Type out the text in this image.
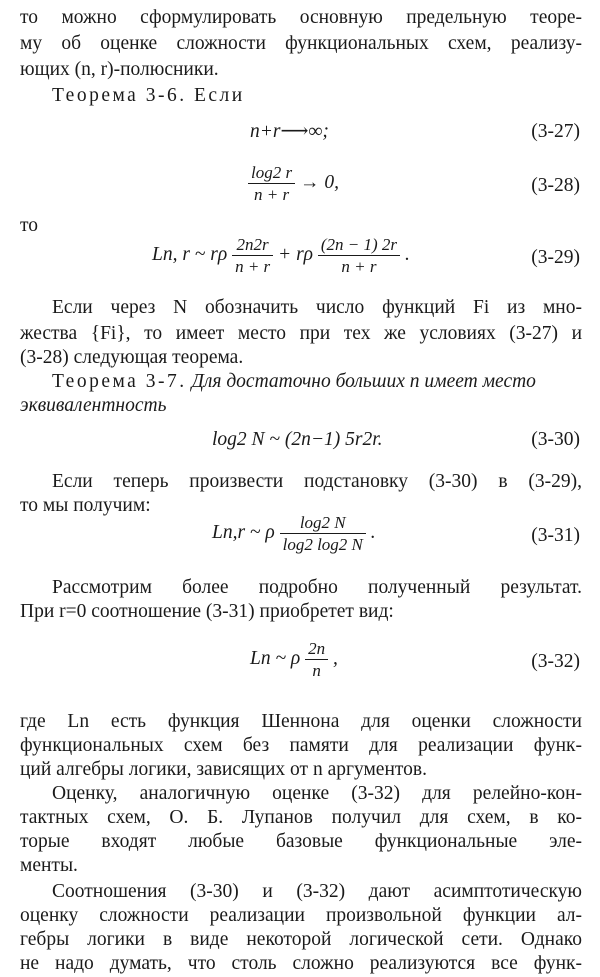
то можно сформулировать основную предельную теоре-
му об оценке сложности функциональных схем, реализу-
ющих (n, r)-полюсники.
Теорема 3-6. Если
n+r⟶∞;	(3-27)
$\frac{\log 2 r}{n + r} \to 0$,	(3-28)
то
Ln, r ~ rρ $\frac{2n2r}{n + r} + r\rho \frac{(2n - 1) 2r}{n + r}$ .	(3-29)
Если через N обозначить число функций Fi из мно-
жества {Fi}, то имеет место при тех же условиях (3-27) и
(3-28) следующая теорема.
Теорема 3-7. Для достаточно больших n имеет место
эквивалентность
log2 N ~ (2n−1) 5r2r.	(3-30)
Если теперь произвести подстановку (3-30) в (3-29),
то мы получим:
Ln,r ~ ρ $\frac{\log 2 N}{\log 2 \log 2 N}$ .	(3-31)
Рассмотрим более подробно полученный результат.
При r=0 соотношение (3-31) приобретет вид:
Ln ~ ρ $\frac{2n}{n}$ ,	(3-32)
где Ln есть функция Шеннона для оценки сложности
функциональных схем без памяти для реализации функ-
ций алгебры логики, зависящих от n аргументов.
Оценку, аналогичную оценке (3-32) для релейно-кон-
тактных схем, О. Б. Лупанов получил для схем, в ко-
торые входят любые базовые функциональные эле-
менты.
Соотношения (3-30) и (3-32) дают асимптотическую
оценку сложности реализации произвольной функции ал-
гебры логики в виде некоторой логической сети. Однако
не надо думать, что столь сложно реализуются все функ-
